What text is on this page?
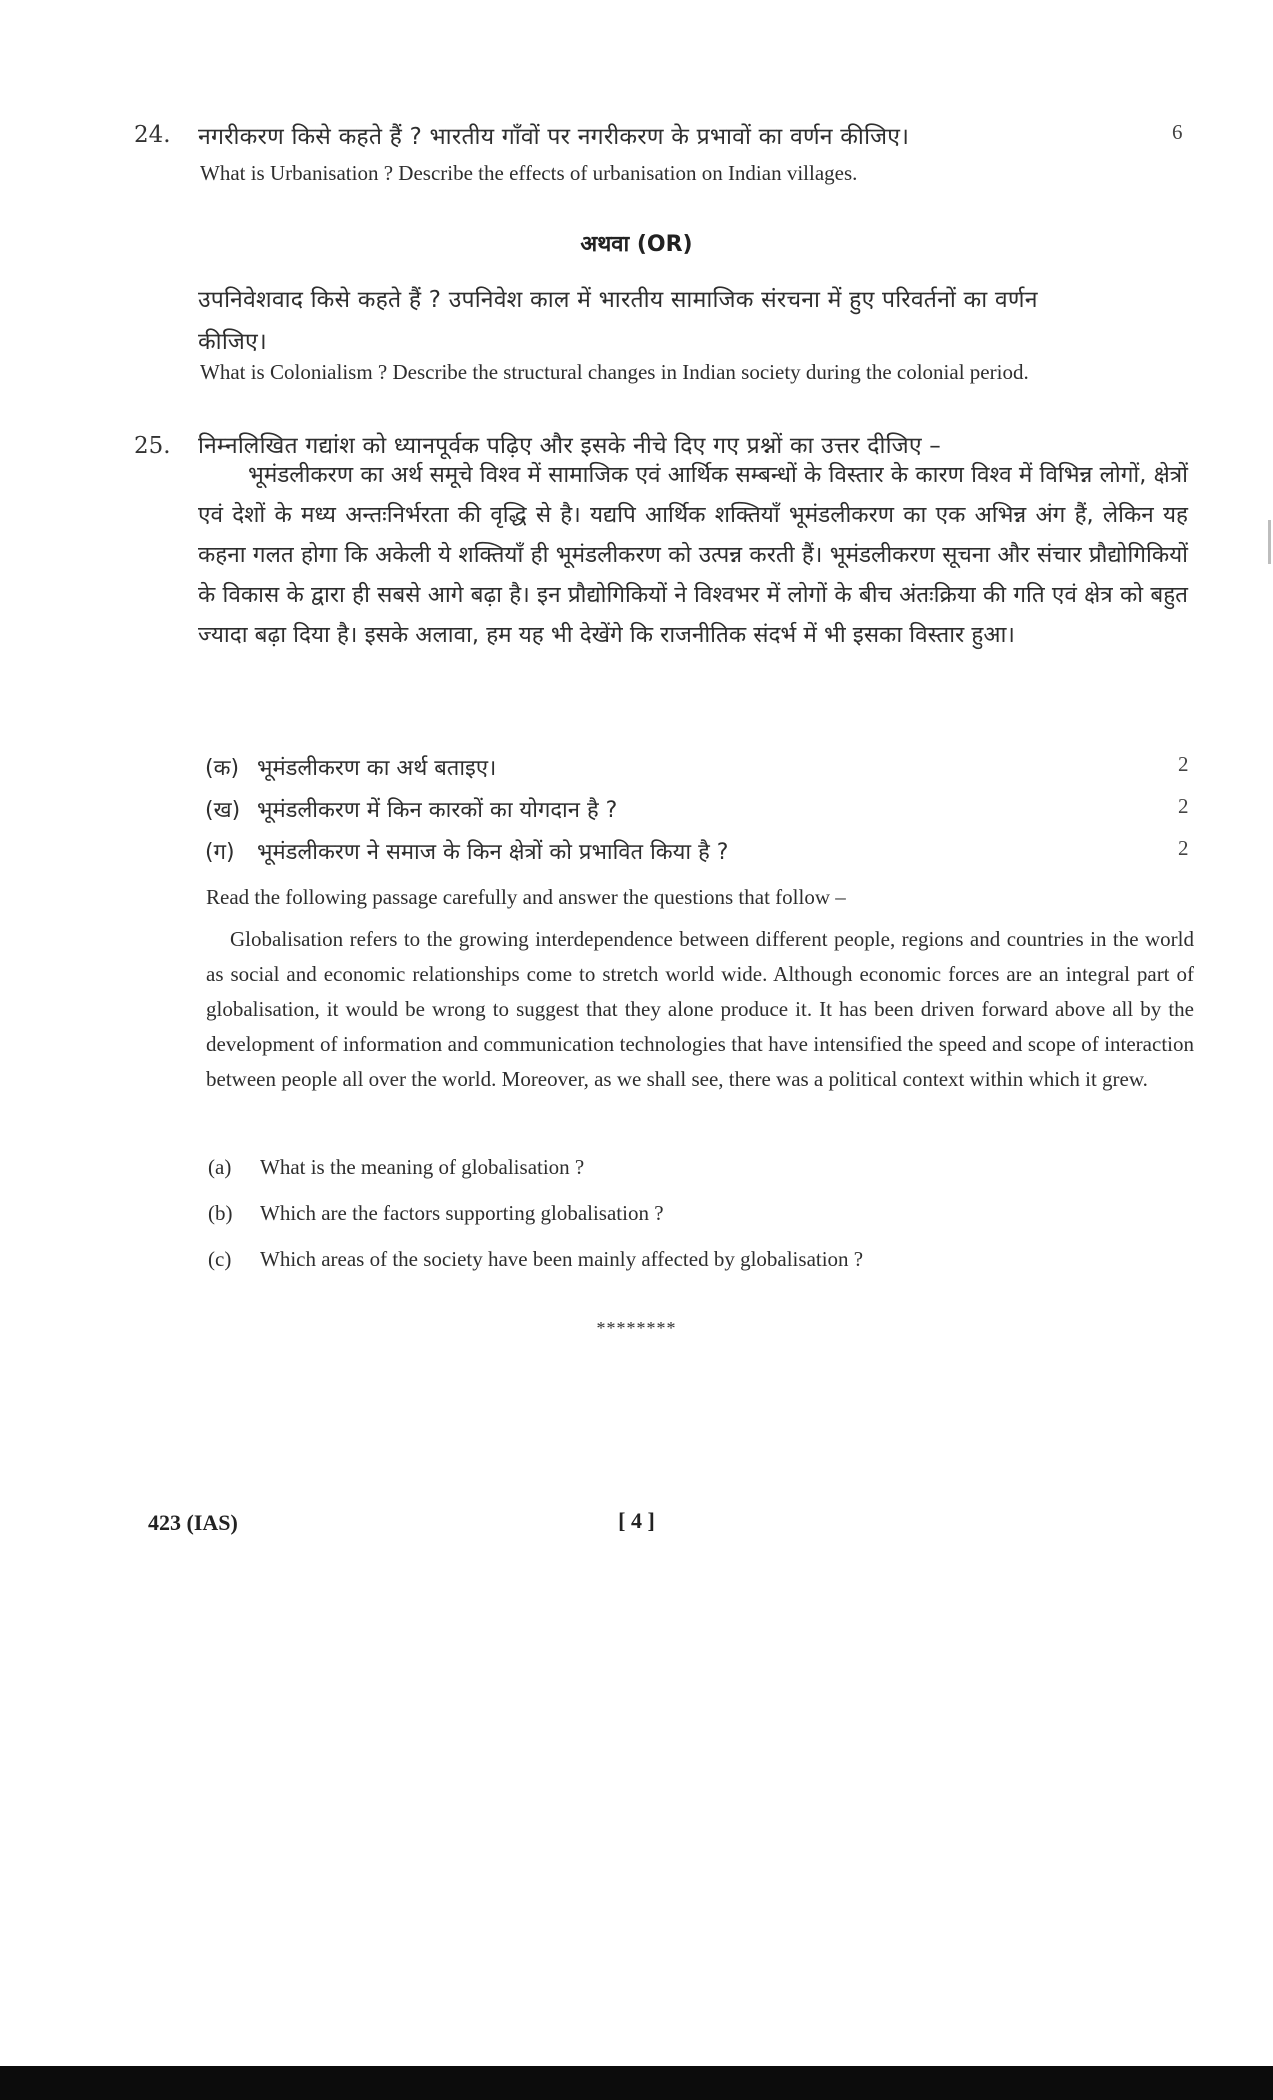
24. नगरीकरण किसे कहते हैं ? भारतीय गाँवों पर नगरीकरण के प्रभावों का वर्णन कीजिए।	6
What is Urbanisation ? Describe the effects of urbanisation on Indian villages.
अथवा (OR)
उपनिवेशवाद किसे कहते हैं ? उपनिवेश काल में भारतीय सामाजिक संरचना में हुए परिवर्तनों का वर्णन
कीजिए।
What is Colonialism ? Describe the structural changes in Indian society during the colonial period.
25. निम्नलिखित गद्यांश को ध्यानपूर्वक पढ़िए और इसके नीचे दिए गए प्रश्नों का उत्तर दीजिए –
भूमंडलीकरण का अर्थ समूचे विश्व में सामाजिक एवं आर्थिक सम्बन्धों के विस्तार के कारण विश्व में विभिन्न लोगों, क्षेत्रों एवं देशों के मध्य अन्तःनिर्भरता की वृद्धि से है। यद्यपि आर्थिक शक्तियाँ भूमंडलीकरण का एक अभिन्न अंग हैं, लेकिन यह कहना गलत होगा कि अकेली ये शक्तियाँ ही भूमंडलीकरण को उत्पन्न करती हैं। भूमंडलीकरण सूचना और संचार प्रौद्योगिकियों के विकास के द्वारा ही सबसे आगे बढ़ा है। इन प्रौद्योगिकियों ने विश्वभर में लोगों के बीच अंतःक्रिया की गति एवं क्षेत्र को बहुत ज्यादा बढ़ा दिया है। इसके अलावा, हम यह भी देखेंगे कि राजनीतिक संदर्भ में भी इसका विस्तार हुआ।
(क) भूमंडलीकरण का अर्थ बताइए।	2
(ख) भूमंडलीकरण में किन कारकों का योगदान है ?	2
(ग) भूमंडलीकरण ने समाज के किन क्षेत्रों को प्रभावित किया है ?	2
Read the following passage carefully and answer the questions that follow –
Globalisation refers to the growing interdependence between different people, regions and countries in the world as social and economic relationships come to stretch world wide. Although economic forces are an integral part of globalisation, it would be wrong to suggest that they alone produce it. It has been driven forward above all by the development of information and communication technologies that have intensified the speed and scope of interaction between people all over the world. Moreover, as we shall see, there was a political context within which it grew.
(a) What is the meaning of globalisation ?
(b) Which are the factors supporting globalisation ?
(c) Which areas of the society have been mainly affected by globalisation ?
********
423 (IAS)	[ 4 ]
